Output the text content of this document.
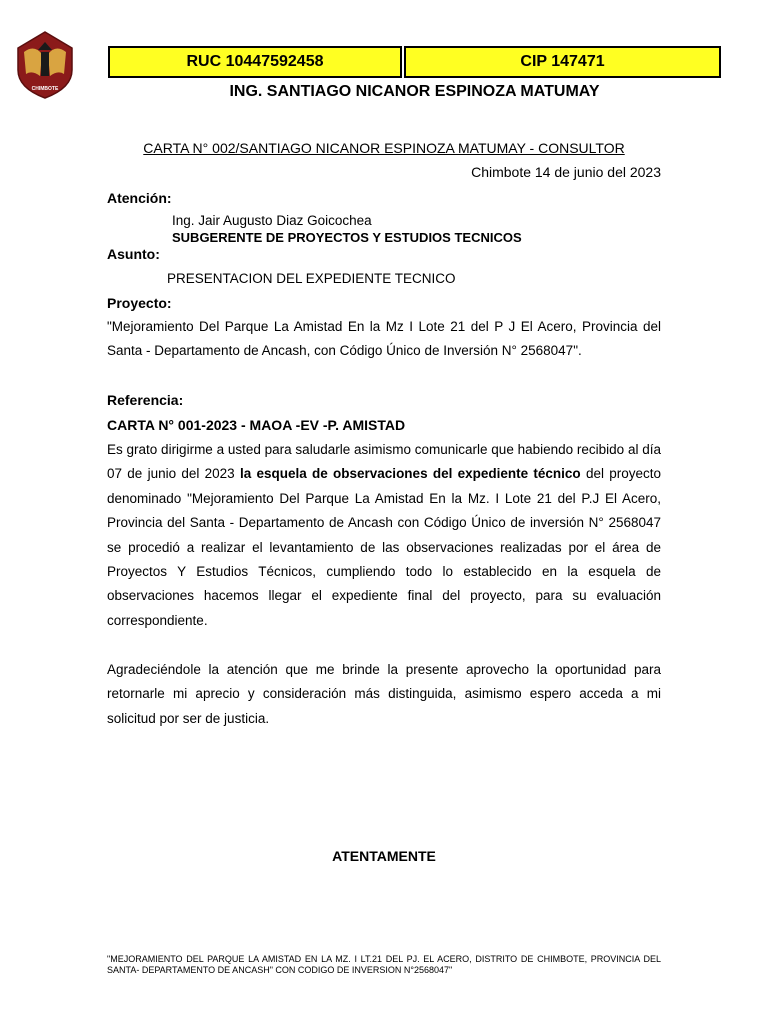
CHIMBOTE
RUC 10447592458	CIP 147471
ING. SANTIAGO NICANOR ESPINOZA MATUMAY
CARTA N° 002/SANTIAGO NICANOR ESPINOZA MATUMAY - CONSULTOR
Chimbote 14 de junio del 2023
Atención:
Ing. Jair Augusto Diaz Goicochea
SUBGERENTE DE PROYECTOS Y ESTUDIOS TECNICOS
Asunto:
PRESENTACION DEL EXPEDIENTE TECNICO
Proyecto:
"Mejoramiento Del Parque La Amistad En la Mz I Lote 21 del P J El Acero, Provincia del Santa - Departamento de Ancash, con Código Único de Inversión N° 2568047".
Referencia:
CARTA N° 001-2023 - MAOA -EV -P. AMISTAD
Es grato dirigirme a usted para saludarle asimismo comunicarle que habiendo recibido al día 07 de junio del 2023 la esquela de observaciones del expediente técnico del proyecto denominado "Mejoramiento Del Parque La Amistad En la Mz. I Lote 21 del P.J El Acero, Provincia del Santa - Departamento de Ancash con Código Único de inversión N° 2568047 se procedió a realizar el levantamiento de las observaciones realizadas por el área de Proyectos Y Estudios Técnicos, cumpliendo todo lo establecido en la esquela de observaciones hacemos llegar el expediente final del proyecto, para su evaluación correspondiente.
Agradeciéndole la atención que me brinde la presente aprovecho la oportunidad para retornarle mi aprecio y consideración más distinguida, asimismo espero acceda a mi solicitud por ser de justicia.
ATENTAMENTE
"MEJORAMIENTO DEL PARQUE LA AMISTAD EN LA MZ. I LT.21 DEL PJ. EL ACERO, DISTRITO DE CHIMBOTE, PROVINCIA DEL SANTA- DEPARTAMENTO DE ANCASH" CON CODIGO DE INVERSION N°2568047"
